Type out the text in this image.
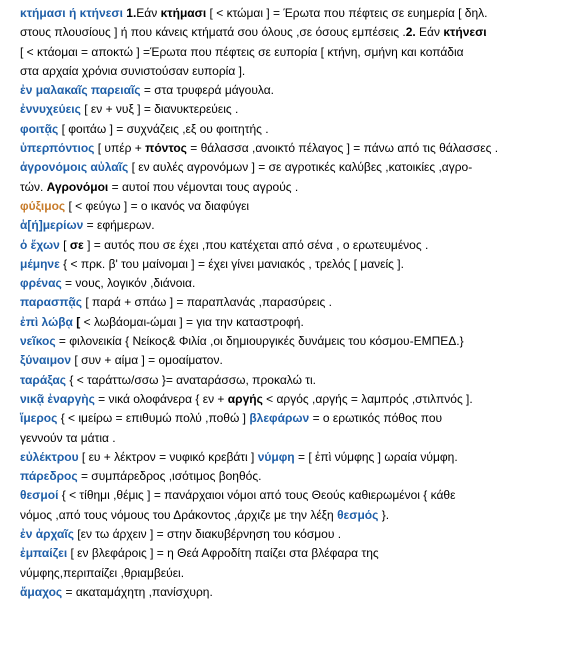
κτήμασι ή κτήνεσι 1.Εάν κτήμασι [ < κτώμαι ] = Έρωτα που πέφτεις σε ευημερία [ δηλ.
στους πλουσίους ] ή που κάνεις κτήματά σου όλους ,σε όσους εμπέσεις .2. Εάν κτήνεσι
[ < κτάομαι = αποκτώ ] =Έρωτα που πέφτεις σε ευπορία [ κτήνη, σμήνη και κοπάδια
στα αρχαία χρόνια συνιστούσαν ευπορία ].
ἐν μαλακαῖς παρειαῖς = στα τρυφερά μάγουλα.
ἐννυχεύεις [ εν + νυξ ] = διανυκτερεύεις .
φοιτᾷς [ φοιτάω ] = συχνάζεις ,εξ ου φοιτητής .
ὑπερπόντιος [ υπέρ + πόντος = θάλασσα ,ανοικτό πέλαγος ] = πάνω από τις θάλασσες .
ἀγρονόμοις αὐλαῖς [ εν αυλές αγρονόμων ] = σε αγροτικές καλύβες ,κατοικίες ,αγρο-
τών. Αγρονόμοι = αυτοί που νέμονται τους αγρούς .
φύξιμος [ < φεύγω ] = ο ικανός να διαφύγει
ἁ[ή]μερίων = εφήμερων.
ὁ ἔχων [ σε ] = αυτός που σε έχει ,που κατέχεται από σένα , ο ερωτευμένος .
μέμηνε { < πρκ. β' του μαίνομαι ] = έχει γίνει μανιακός , τρελός [ μανείς ].
φρένας = νους, λογικόν ,διάνοια.
παρασπᾷς [ παρά + σπάω ] = παραπλανάς ,παρασύρεις .
ἐπὶ λώβᾳ [ < λωβάομαι-ώμαι ] = για την καταστροφή.
νεῖκος = φιλονεικία { Νείκος& Φιλία ,οι δημιουργικές δυνάμεις του κόσμου-ΕΜΠΕΔ.}
ξύναιμον [ συν + αίμα ] = ομοαίματον.
ταράξας { < ταράττω/σσω }= αναταράσσω, προκαλώ τι.
νικᾷ ἐναργὴς = νικά ολοφάνερα { εν + αργής < αργός ,αργής = λαμπρός ,στιλπνός ].
ἵμερος { < ιμείρω = επιθυμώ πολύ ,ποθώ ] βλεφάρων = ο ερωτικός πόθος που
γεννούν τα μάτια .
εὐλέκτρου [ ευ + λέκτρον = νυφικό κρεβάτι ] νύμφη = [ ἐπὶ νύμφης ] ωραία νύμφη.
πάρεδρος = συμπάρεδρος ,ισότιμος βοηθός.
θεσμοί { < τίθημι ,θέμις ] = πανάρχαιοι νόμοι από τους Θεούς καθιερωμένοι { κάθε
νόμος ,από τους νόμους του Δράκοντος ,άρχιζε με την λέξη θεσμός }.
ἐν ἀρχαῖς [εν τω άρχειν ] = στην διακυβέρνηση του κόσμου .
ἐμπαίζει [ εν βλεφάροις ] = η Θεά Αφροδίτη παίζει στα βλέφαρα της
νύμφης,περιπαίζει ,θριαμβεύει.
ἄμαχος = ακαταμάχητη ,πανίσχυρη.
